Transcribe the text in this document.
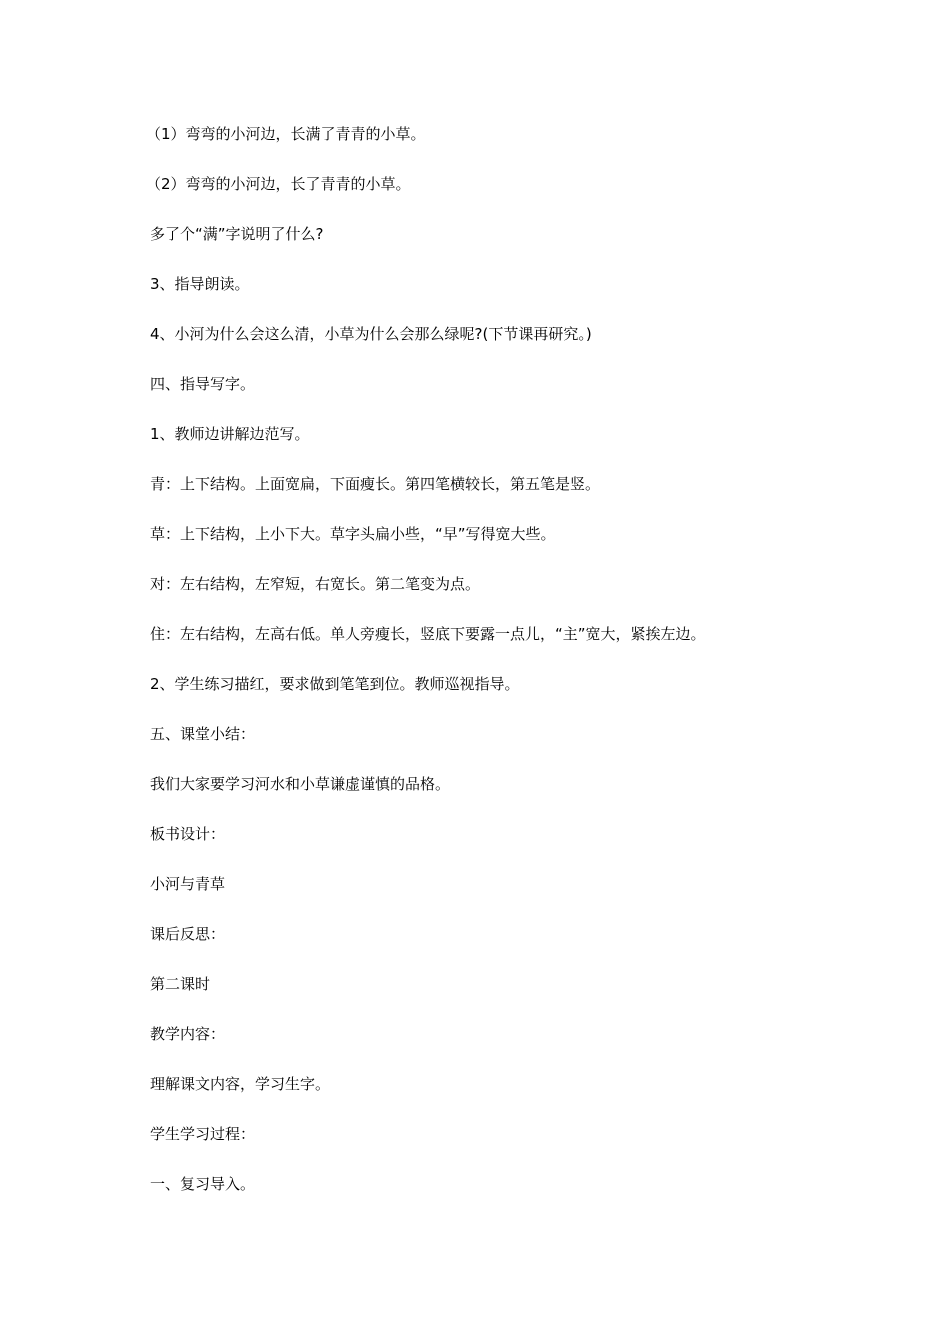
（1）弯弯的小河边，长满了青青的小草。

（2）弯弯的小河边，长了青青的小草。

多了个“满”字说明了什么?

3、指导朗读。

4、小河为什么会这么清，小草为什么会那么绿呢?(下节课再研究。)

四、指导写字。

1、教师边讲解边范写。

青：上下结构。上面宽扁，下面瘦长。第四笔横较长，第五笔是竖。

草：上下结构，上小下大。草字头扁小些，“早”写得宽大些。

对：左右结构，左窄短，右宽长。第二笔变为点。

住：左右结构，左高右低。单人旁瘦长，竖底下要露一点儿，“主”宽大，紧挨左边。

2、学生练习描红，要求做到笔笔到位。教师巡视指导。

五、课堂小结：

我们大家要学习河水和小草谦虚谨慎的品格。

板书设计：

小河与青草

课后反思：

第二课时

教学内容：

理解课文内容，学习生字。

学生学习过程：

一、复习导入。
